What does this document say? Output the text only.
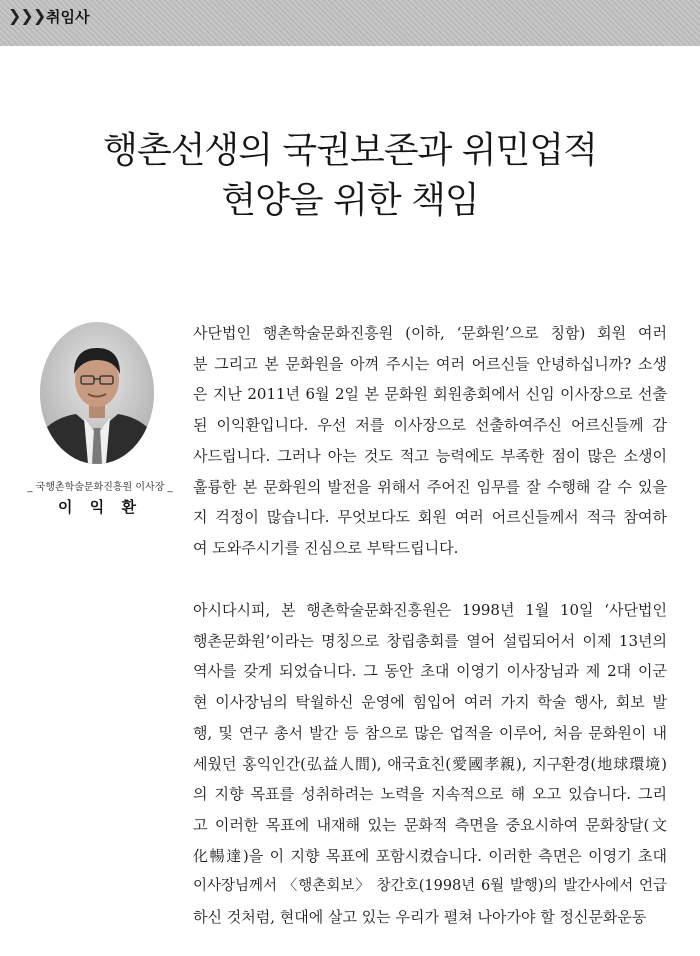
❯❯❯ 취임사
행촌선생의 국권보존과 위민업적
현양을 위한 책임
_ 국행촌학술문화진흥원 이사장 _
이 익 환
사단법인 행촌학술문화진흥원 (이하, ‘문화원’으로 칭함) 회원 여러
분 그리고 본 문화원을 아껴 주시는 여러 어르신들 안녕하십니까? 소생
은 지난 2011년 6월 2일 본 문화원 회원총회에서 신임 이사장으로 선출
된 이익환입니다. 우선 저를 이사장으로 선출하여주신 어르신들께 감
사드립니다. 그러나 아는 것도 적고 능력에도 부족한 점이 많은 소생이
훌륭한 본 문화원의 발전을 위해서 주어진 임무를 잘 수행해 갈 수 있을
지 걱정이 많습니다. 무엇보다도 회원 여러 어르신들께서 적극 참여하
여 도와주시기를 진심으로 부탁드립니다.
아시다시피, 본 행촌학술문화진흥원은 1998년 1월 10일 ‘사단법인
행촌문화원’이라는 명칭으로 창립총회를 열어 설립되어서 이제 13년의
역사를 갖게 되었습니다. 그 동안 초대 이영기 이사장님과 제 2대 이군
현 이사장님의 탁월하신 운영에 힘입어 여러 가지 학술 행사, 회보 발
행, 및 연구 총서 발간 등 참으로 많은 업적을 이루어, 처음 문화원이 내
세웠던 홍익인간(弘益人間), 애국효친(愛國孝親), 지구환경(地球環境)
의 지향 목표를 성취하려는 노력을 지속적으로 해 오고 있습니다. 그리
고 이러한 목표에 내재해 있는 문화적 측면을 중요시하여 문화창달(文
化暢達)을 이 지향 목표에 포함시켰습니다. 이러한 측면은 이영기 초대
이사장님께서 〈행촌회보〉 창간호(1998년 6월 발행)의 발간사에서 언급
하신 것처럼, 현대에 살고 있는 우리가 펼쳐 나아가야 할 정신문화운동
